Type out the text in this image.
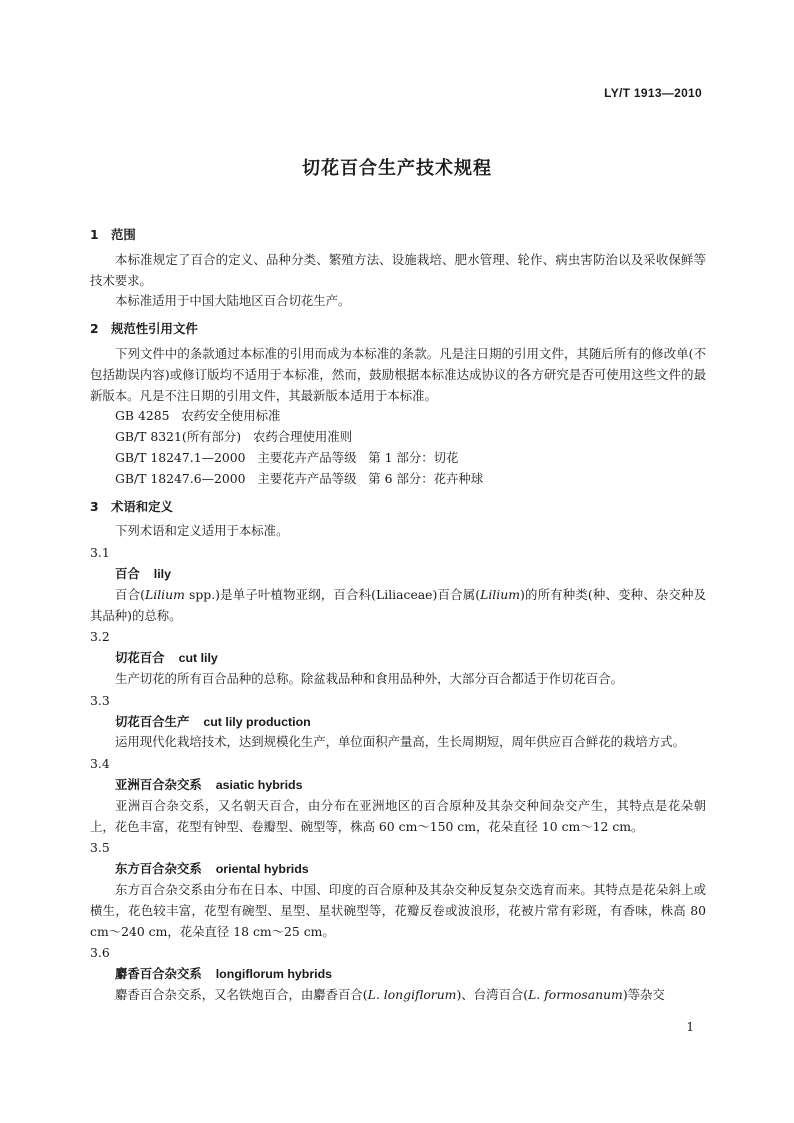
LY/T 1913—2010
切花百合生产技术规程
1 范围

本标准规定了百合的定义、品种分类、繁殖方法、设施栽培、肥水管理、轮作、病虫害防治以及采收保鲜等技术要求。

本标准适用于中国大陆地区百合切花生产。

2 规范性引用文件

下列文件中的条款通过本标准的引用而成为本标准的条款。凡是注日期的引用文件，其随后所有的修改单(不包括勘误内容)或修订版均不适用于本标准，然而，鼓励根据本标准达成协议的各方研究是否可使用这些文件的最新版本。凡是不注日期的引用文件，其最新版本适用于本标准。

GB 4285   农药安全使用标准

GB/T 8321(所有部分)   农药合理使用准则

GB/T 18247.1—2000   主要花卉产品等级   第 1 部分：切花

GB/T 18247.6—2000   主要花卉产品等级   第 6 部分：花卉种球

3 术语和定义

下列术语和定义适用于本标准。

3.1
百合 lily

百合(Lilium spp.)是单子叶植物亚纲，百合科(Liliaceae)百合属(Lilium)的所有种类(种、变种、杂交种及其品种)的总称。

3.2
切花百合 cut lily

生产切花的所有百合品种的总称。除盆栽品种和食用品种外，大部分百合都适于作切花百合。

3.3
切花百合生产 cut lily production

运用现代化栽培技术，达到规模化生产，单位面积产量高，生长周期短，周年供应百合鲜花的栽培方式。

3.4
亚洲百合杂交系 asiatic hybrids

亚洲百合杂交系，又名朝天百合，由分布在亚洲地区的百合原种及其杂交种间杂交产生，其特点是花朵朝上，花色丰富，花型有钟型、卷瓣型、碗型等，株高 60 cm～150 cm，花朵直径 10 cm～12 cm。

3.5
东方百合杂交系 oriental hybrids

东方百合杂交系由分布在日本、中国、印度的百合原种及其杂交种反复杂交选育而来。其特点是花朵斜上或横生，花色较丰富，花型有碗型、星型、星状碗型等，花瓣反卷或波浪形，花被片常有彩斑，有香味，株高 80 cm～240 cm，花朵直径 18 cm～25 cm。

3.6
麝香百合杂交系 longiflorum hybrids

麝香百合杂交系，又名铁炮百合，由麝香百合(L. longiflorum)、台湾百合(L. formosanum)等杂交

1
